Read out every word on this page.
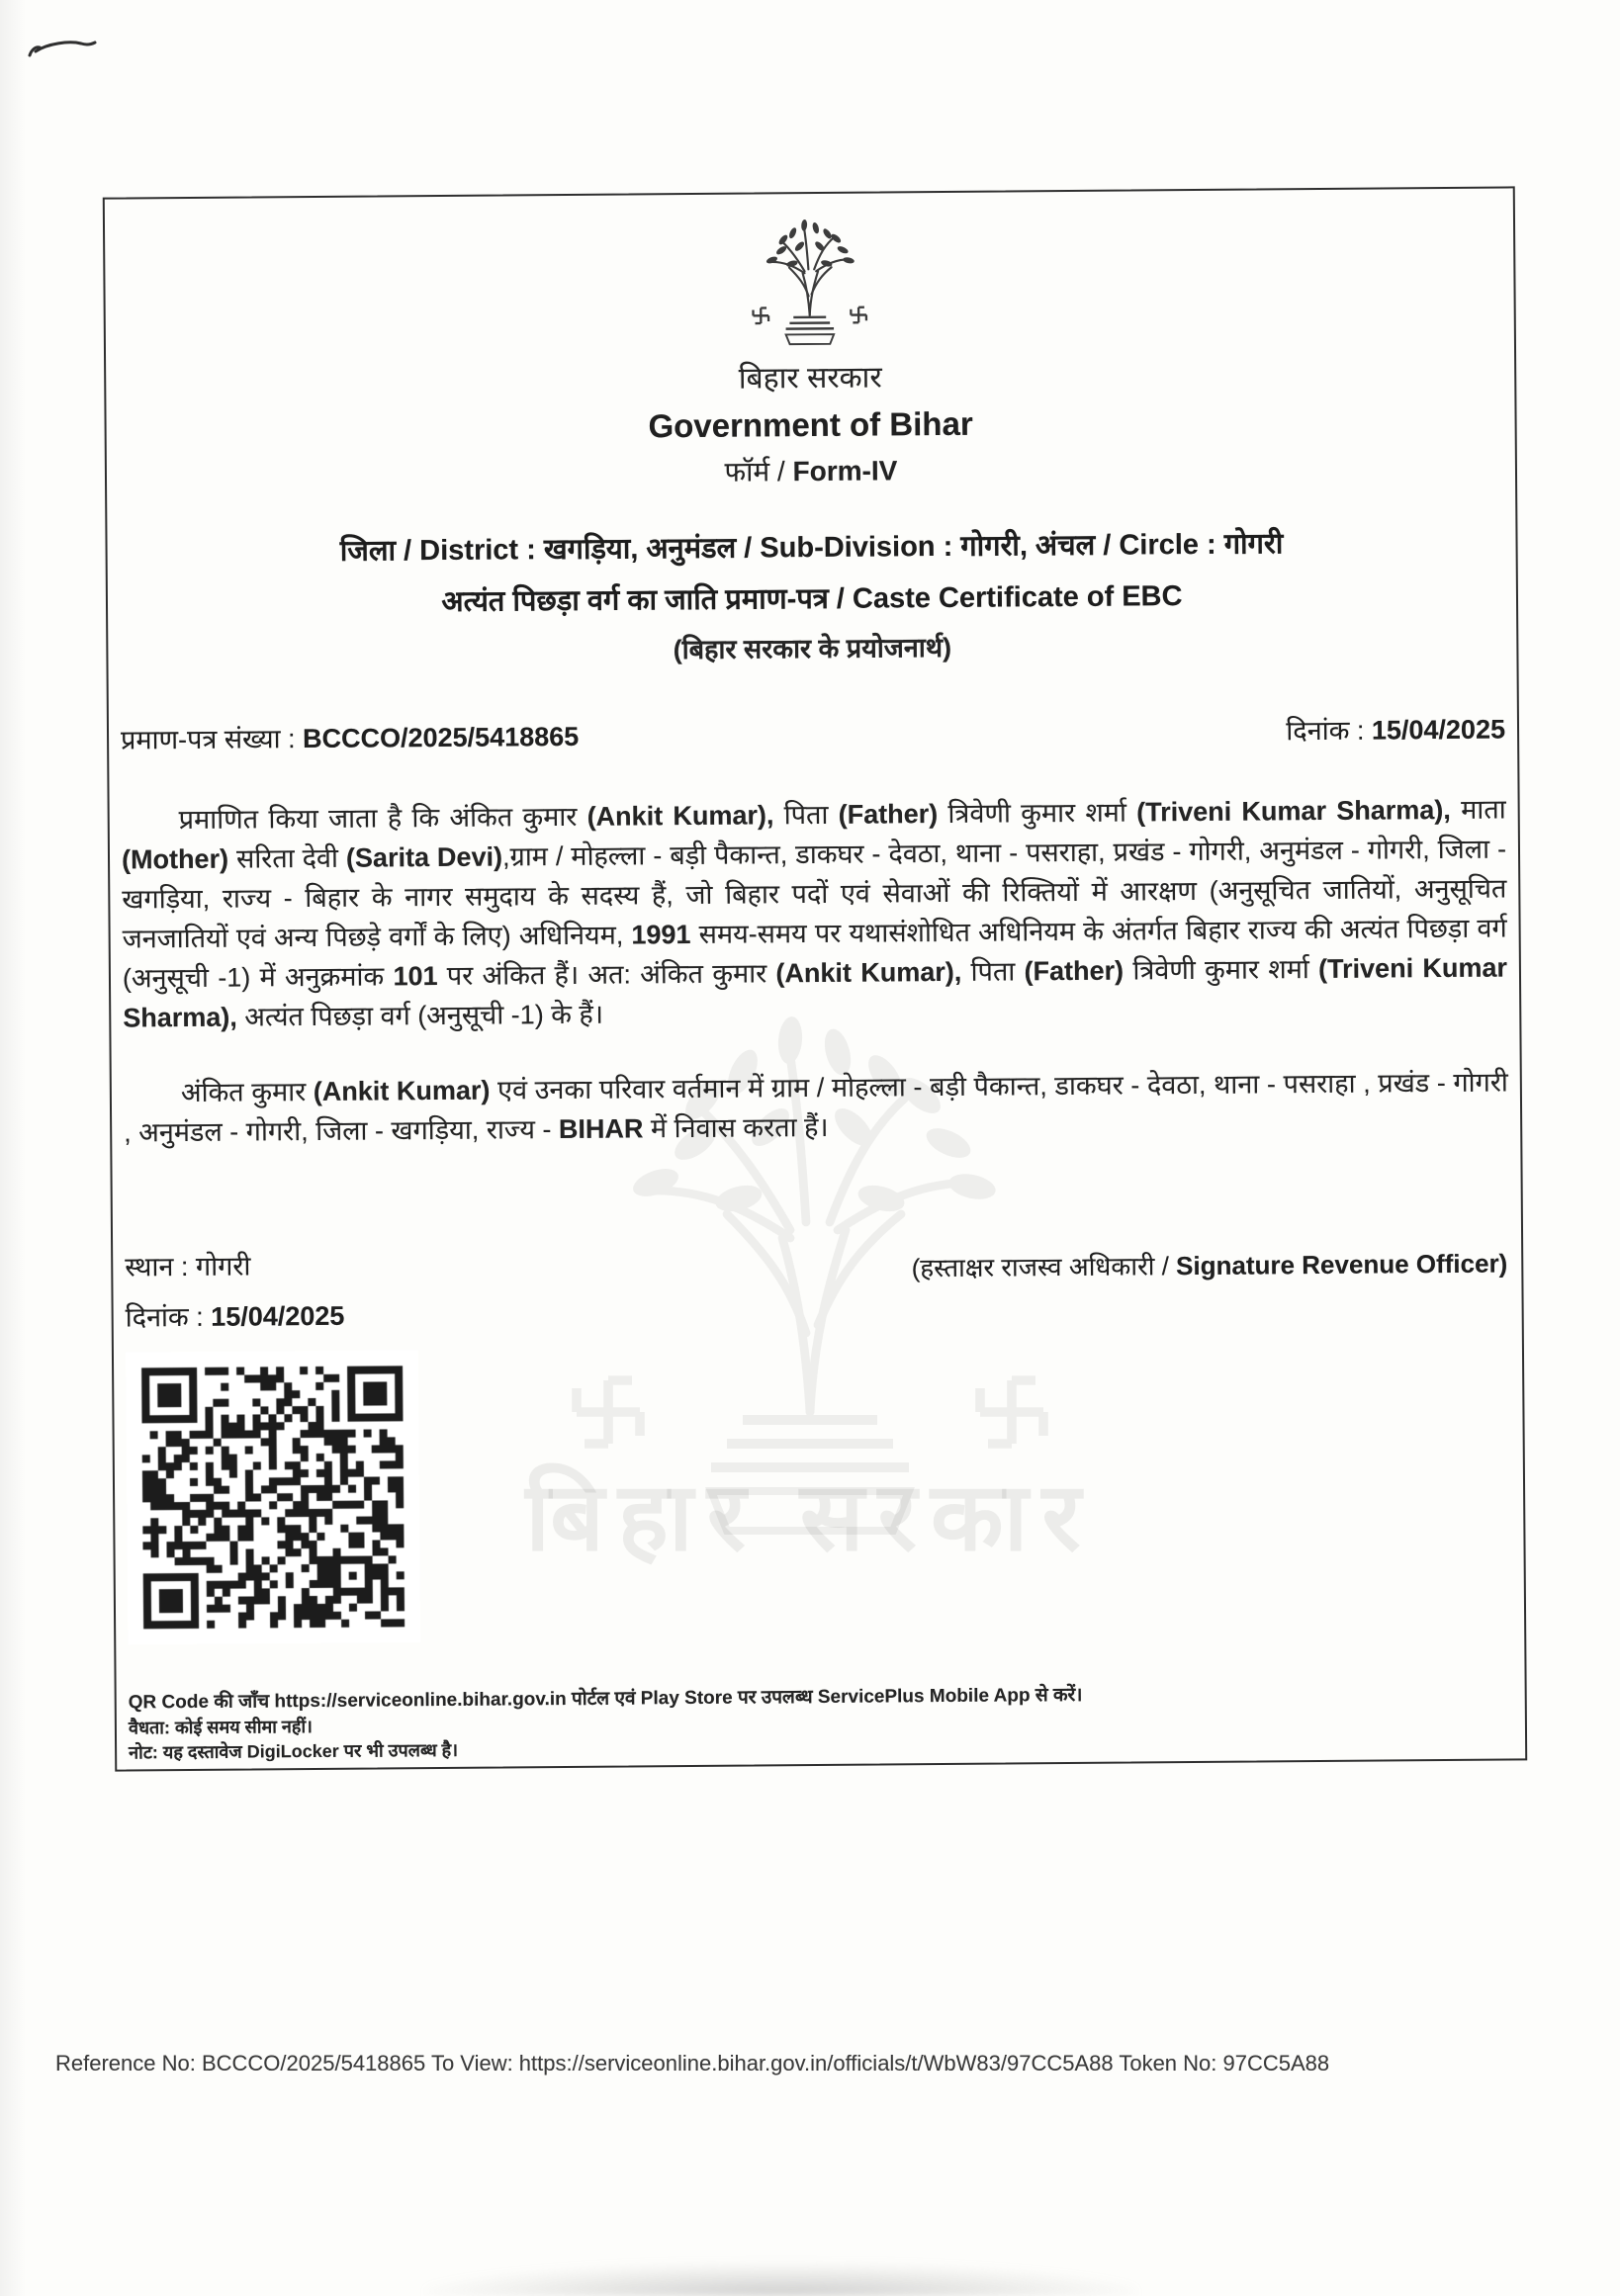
बिहार सरकार
बिहार सरकार
Government of Bihar
फॉर्म / Form-IV
जिला / District : खगड़िया, अनुमंडल / Sub-Division : गोगरी, अंचल / Circle : गोगरी
अत्यंत पिछड़ा वर्ग का जाति प्रमाण-पत्र / Caste Certificate of EBC
(बिहार सरकार के प्रयोजनार्थ)
प्रमाण-पत्र संख्या : BCCCO/2025/5418865	दिनांक : 15/04/2025
प्रमाणित किया जाता है कि अंकित कुमार (Ankit Kumar), पिता (Father) त्रिवेणी कुमार शर्मा (Triveni Kumar Sharma), माता (Mother) सरिता देवी (Sarita Devi),ग्राम / मोहल्ला - बड़ी पैकान्त, डाकघर - देवठा, थाना - पसराहा, प्रखंड - गोगरी, अनुमंडल - गोगरी, जिला - खगड़िया, राज्य - बिहार के नागर समुदाय के सदस्य हैं, जो बिहार पदों एवं सेवाओं की रिक्तियों में आरक्षण (अनुसूचित जातियों, अनुसूचित जनजातियों एवं अन्य पिछड़े वर्गों के लिए) अधिनियम, 1991 समय-समय पर यथासंशोधित अधिनियम के अंतर्गत बिहार राज्य की अत्यंत पिछड़ा वर्ग (अनुसूची -1) में अनुक्रमांक 101 पर अंकित हैं। अत: अंकित कुमार (Ankit Kumar), पिता (Father) त्रिवेणी कुमार शर्मा (Triveni Kumar Sharma), अत्यंत पिछड़ा वर्ग (अनुसूची -1) के हैं।
अंकित कुमार (Ankit Kumar) एवं उनका परिवार वर्तमान में ग्राम / मोहल्ला - बड़ी पैकान्त, डाकघर - देवठा, थाना - पसराहा , प्रखंड - गोगरी , अनुमंडल - गोगरी, जिला - खगड़िया, राज्य - BIHAR में निवास करता हैं।
स्थान : गोगरी
दिनांक : 15/04/2025
(हस्ताक्षर राजस्व अधिकारी / Signature Revenue Officer)
QR Code की जाँच https://serviceonline.bihar.gov.in पोर्टल एवं Play Store पर उपलब्ध ServicePlus Mobile App से करें।
वैधता: कोई समय सीमा नहीं।
नोट: यह दस्तावेज DigiLocker पर भी उपलब्ध है।
Reference No: BCCCO/2025/5418865 To View: https://serviceonline.bihar.gov.in/officials/t/WbW83/97CC5A88 Token No: 97CC5A88
